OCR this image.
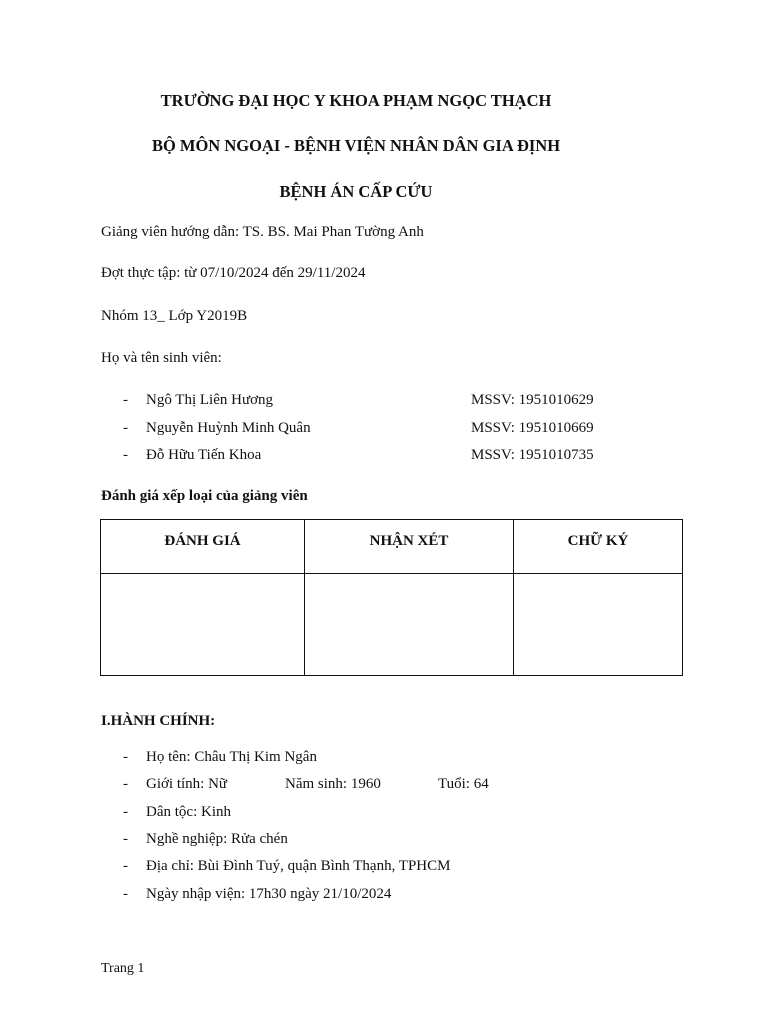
TRƯỜNG ĐẠI HỌC Y KHOA PHẠM NGỌC THẠCH
BỘ MÔN NGOẠI - BỆNH VIỆN NHÂN DÂN GIA ĐỊNH
BỆNH ÁN CẤP CỨU
Giảng viên hướng dẫn: TS. BS. Mai Phan Tường Anh
Đợt thực tập: từ 07/10/2024 đến 29/11/2024
Nhóm 13_ Lớp Y2019B
Họ và tên sinh viên:
- Ngô Thị Liên Hương	MSSV: 1951010629
- Nguyễn Huỳnh Minh Quân	MSSV: 1951010669
- Đỗ Hữu Tiến Khoa	MSSV: 1951010735
Đánh giá xếp loại của giảng viên
ĐÁNH GIÁ	NHẬN XÉT	CHỮ KÝ

I.HÀNH CHÍNH:
- Họ tên: Châu Thị Kim Ngân
- Giới tính: Nữ	Năm sinh: 1960	Tuổi: 64
- Dân tộc: Kinh
- Nghề nghiệp: Rửa chén
- Địa chỉ: Bùi Đình Tuý, quận Bình Thạnh, TPHCM
- Ngày nhập viện: 17h30 ngày 21/10/2024
Trang 1
